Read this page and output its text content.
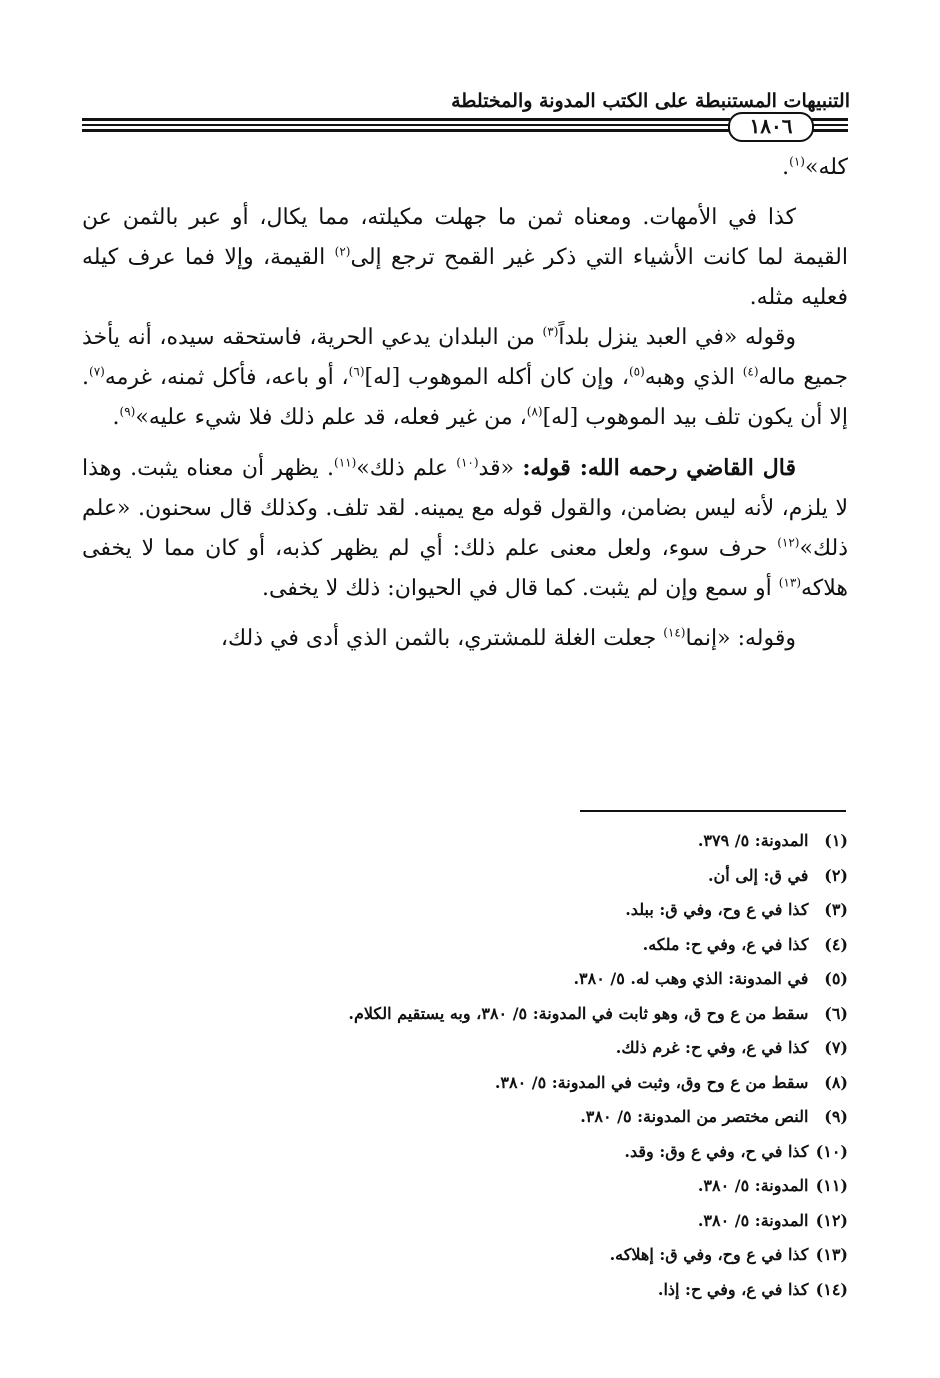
التنبيهات المستنبطة على الكتب المدونة والمختلطة
١٨٠٦

كله»$^{(١)}$.

كذا في الأمهات. ومعناه ثمن ما جهلت مكيلته، مما يكال، أو عبر بالثمن عن القيمة لما كانت الأشياء التي ذكر غير القمح ترجع إلى$^{(٢)}$ القيمة، وإلا فما عرف كيله فعليه مثله.

وقوله «في العبد ينزل بلداً$^{(٣)}$ من البلدان يدعي الحرية، فاستحقه سيده، أنه يأخذ جميع ماله$^{(٤)}$ الذي وهبه$^{(٥)}$، وإن كان أكله الموهوب [له]$^{(٦)}$، أو باعه، فأكل ثمنه، غرمه$^{(٧)}$. إلا أن يكون تلف بيد الموهوب [له]$^{(٨)}$، من غير فعله، قد علم ذلك فلا شيء عليه»$^{(٩)}$.

قال القاضي رحمه الله: قوله: «قد$^{(١٠)}$ علم ذلك»$^{(١١)}$. يظهر أن معناه يثبت. وهذا لا يلزم، لأنه ليس بضامن، والقول قوله مع يمينه. لقد تلف. وكذلك قال سحنون. «علم ذلك»$^{(١٢)}$ حرف سوء، ولعل معنى علم ذلك: أي لم يظهر كذبه، أو كان مما لا يخفى هلاكه$^{(١٣)}$ أو سمع وإن لم يثبت. كما قال في الحيوان: ذلك لا يخفى.

وقوله: «إنما$^{(١٤)}$ جعلت الغلة للمشتري، بالثمن الذي أدى في ذلك،

(١) المدونة: ٥/ ٣٧٩.
(٢) في ق: إلى أن.
(٣) كذا في ع وح، وفي ق: ببلد.
(٤) كذا في ع، وفي ح: ملكه.
(٥) في المدونة: الذي وهب له. ٥/ ٣٨٠.
(٦) سقط من ع وح ق، وهو ثابت في المدونة: ٥/ ٣٨٠، وبه يستقيم الكلام.
(٧) كذا في ع، وفي ح: غرم ذلك.
(٨) سقط من ع وح وق، وثبت في المدونة: ٥/ ٣٨٠.
(٩) النص مختصر من المدونة: ٥/ ٣٨٠.
(١٠) كذا في ح، وفي ع وق: وقد.
(١١) المدونة: ٥/ ٣٨٠.
(١٢) المدونة: ٥/ ٣٨٠.
(١٣) كذا في ع وح، وفي ق: إهلاكه.
(١٤) كذا في ع، وفي ح: إذا.
